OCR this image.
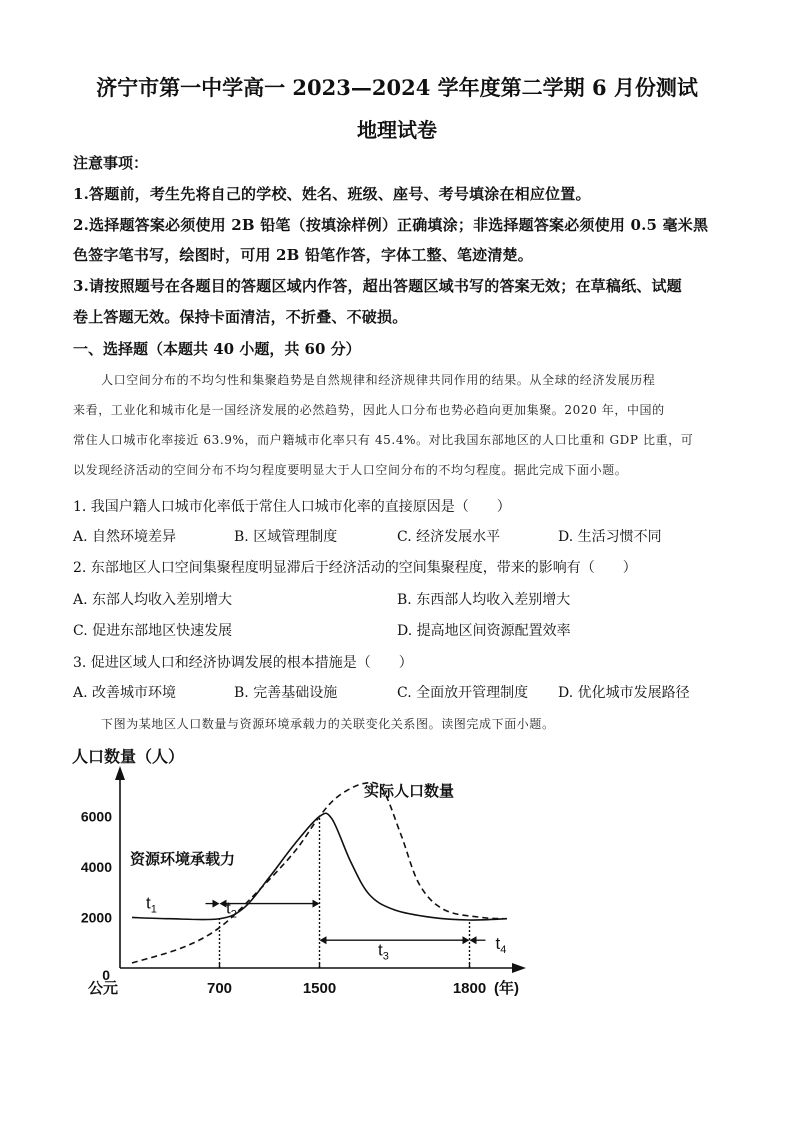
济宁市第一中学高一 2023—2024 学年度第二学期 6 月份测试
地理试卷
注意事项：
1.答题前，考生先将自己的学校、姓名、班级、座号、考号填涂在相应位置。
2.选择题答案必须使用 2B 铅笔（按填涂样例）正确填涂；非选择题答案必须使用 0.5 毫米黑
色签字笔书写，绘图时，可用 2B 铅笔作答，字体工整、笔迹清楚。
3.请按照题号在各题目的答题区域内作答，超出答题区域书写的答案无效；在草稿纸、试题
卷上答题无效。保持卡面清洁，不折叠、不破损。
一、选择题（本题共 40 小题，共 60 分）
人口空间分布的不均匀性和集聚趋势是自然规律和经济规律共同作用的结果。从全球的经济发展历程
来看，工业化和城市化是一国经济发展的必然趋势，因此人口分布也势必趋向更加集聚。2020 年，中国的
常住人口城市化率接近 63.9%，而户籍城市化率只有 45.4%。对比我国东部地区的人口比重和 GDP 比重，可
以发现经济活动的空间分布不均匀程度要明显大于人口空间分布的不均匀程度。据此完成下面小题。
1. 我国户籍人口城市化率低于常住人口城市化率的直接原因是（　　）
A. 自然环境差异	B. 区域管理制度	C. 经济发展水平	D. 生活习惯不同
2. 东部地区人口空间集聚程度明显滞后于经济活动的空间集聚程度，带来的影响有（　　）
A. 东部人均收入差别增大	B. 东西部人均收入差别增大
C. 促进东部地区快速发展	D. 提高地区间资源配置效率
3. 促进区域人口和经济协调发展的根本措施是（　　）
A. 改善城市环境	B. 完善基础设施	C. 全面放开管理制度 D. 优化城市发展路径
下图为某地区人口数量与资源环境承载力的关联变化关系图。读图完成下面小题。
人口数量（人）
(年)
公元
0
2000
4000
6000
700	1500	1800
资源环境承载力
实际人口数量
$t_1$	$t_2$
$t_3$
$t_4$
